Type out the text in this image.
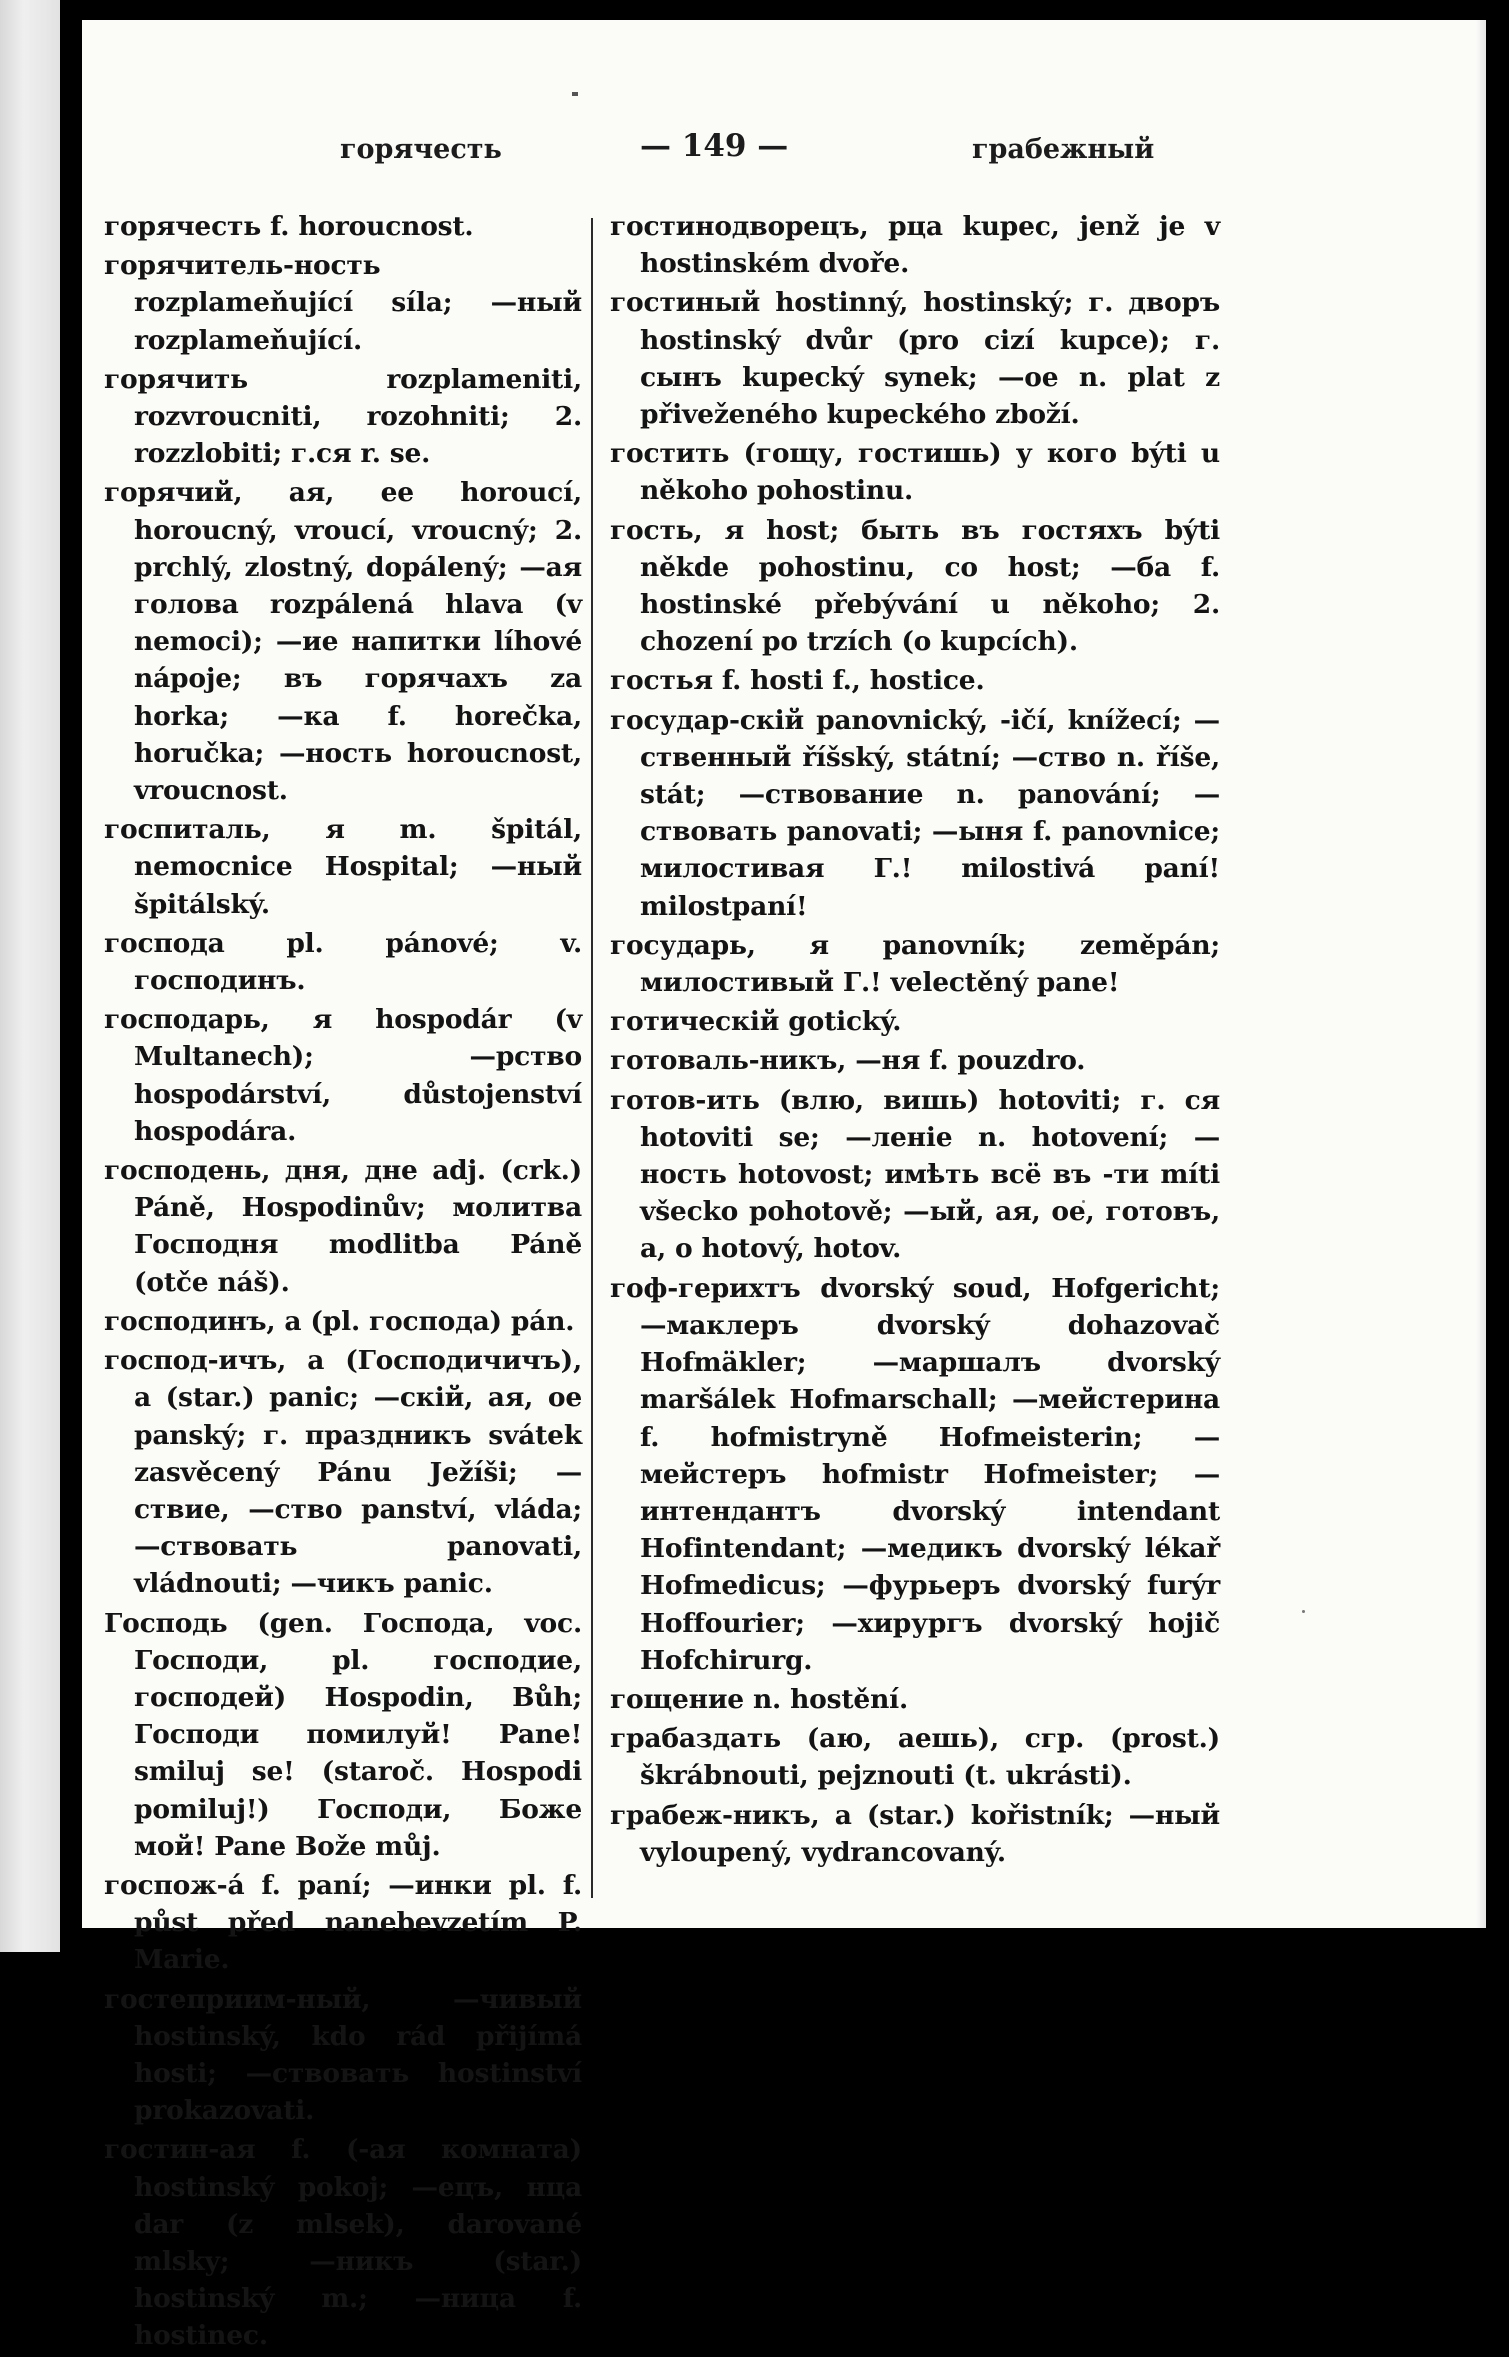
горячесть	— 149 —	грабежный

горячесть f. horoucnost.

горячитель-ность rozplameňující síla; —ный rozplameňující.

горячить rozplameniti, rozvroucniti, rozohniti; 2. rozzlobiti; г.ся r. se.

горячий, ая, ее horoucí, horoucný, vroucí, vroucný; 2. prchlý, zlostný, dopálený; —ая голова rozpálená hlava (v nemoci); —ие напитки líhové nápoje; въ горячахъ za horka; —ка f. horečka, horučka; —ность horoucnost, vroucnost.

госпиталь, я m. špitál, nemocnice Hospital; —ный špitálský.

господа pl. pánové; v. господинъ.

господарь, я hospodár (v Multanech); —рство hospodárství, důstojenství hospodára.

господень, дня, дне adj. (crk.) Páně, Hospodinův; молитва Господня modlitba Páně (otče náš).

господинъ, а (pl. господа) pán.

господ-ичъ, а (Господичичъ), а (star.) panic; —скій, ая, ое panský; г. праздникъ svátek zasvěcený Pánu Ježíši; —ствие, —ство panství, vláda; —ствовать panovati, vládnouti; —чикъ panic.

Господь (gen. Господа, voc. Господи, pl. господие, господей) Hospodin, Bůh; Господи помилуй! Pane! smiluj se! (staroč. Hospodi pomiluj!) Господи, Боже мой! Pane Bože můj.

госпож-á f. paní; —инки pl. f. půst před nanebevzetím P. Marie.

гостеприим-ный, —чивый hostinský, kdo rád přijímá hosti; —ствовать hostinství prokazovati.

гостин-ая f. (-ая комната) hostinský pokoj; —ецъ, нца dar (z mlsek), darované mlsky; —никъ (star.) hostinský m.; —ница f. hostinec.

гостинодворецъ, рца kupec, jenž je v hostinském dvoře.

гостиный hostinný, hostinský; г. дворъ hostinský dvůr (pro cizí kupce); г. сынъ kupecký synek; —ое n. plat z přiveženého kupeckého zboží.

гостить (гощу, гостишь) у кого býti u někoho pohostinu.

гость, я host; быть въ гостяхъ býti někde pohostinu, co host; —ба f. hostinské přebývání u někoho; 2. chození po trzích (o kupcích).

гостья f. hosti f., hostice.

государ-скій panovnický, -ičí, knížecí; —ственный říšský, státní; —ство n. říše, stát; —ствование n. panování; —ствовать panovati; —ыня f. panovnice; милостивая Г.! milostivá paní! milostpaní!

государь, я panovník; zeměpán; милостивый Г.! velectěný pane!

готическій gotický.

готоваль-никъ, —ня f. pouzdro.

готов-ить (влю, вишь) hotoviti; г. ся hotoviti se; —леніе n. hotovení; —ность hotovost; имѣть всё въ -ти míti všecko pohotově; —ый, ая, ое, готовъ, а, о hotový, hotov.

гоф-герихтъ dvorský soud, Hofgericht; —маклеръ dvorský dohazovač Hofmäkler; —маршалъ dvorský maršálek Hofmarschall; —мейстерина f. hofmistryně Hofmeisterin; —мейстеръ hofmistr Hofmeister; —интендантъ dvorský intendant Hofintendant; —медикъ dvorský lékař Hofmedicus; —фурьеръ dvorský furýr Hoffourier; —хирургъ dvorský hojič Hofchirurg.

гощение n. hostění.

грабаздать (аю, аешь), сгр. (prost.) škrábnouti, pejznouti (t. ukrásti).

грабеж-никъ, а (star.) kořistník; —ный vyloupený, vydrancovaný.
